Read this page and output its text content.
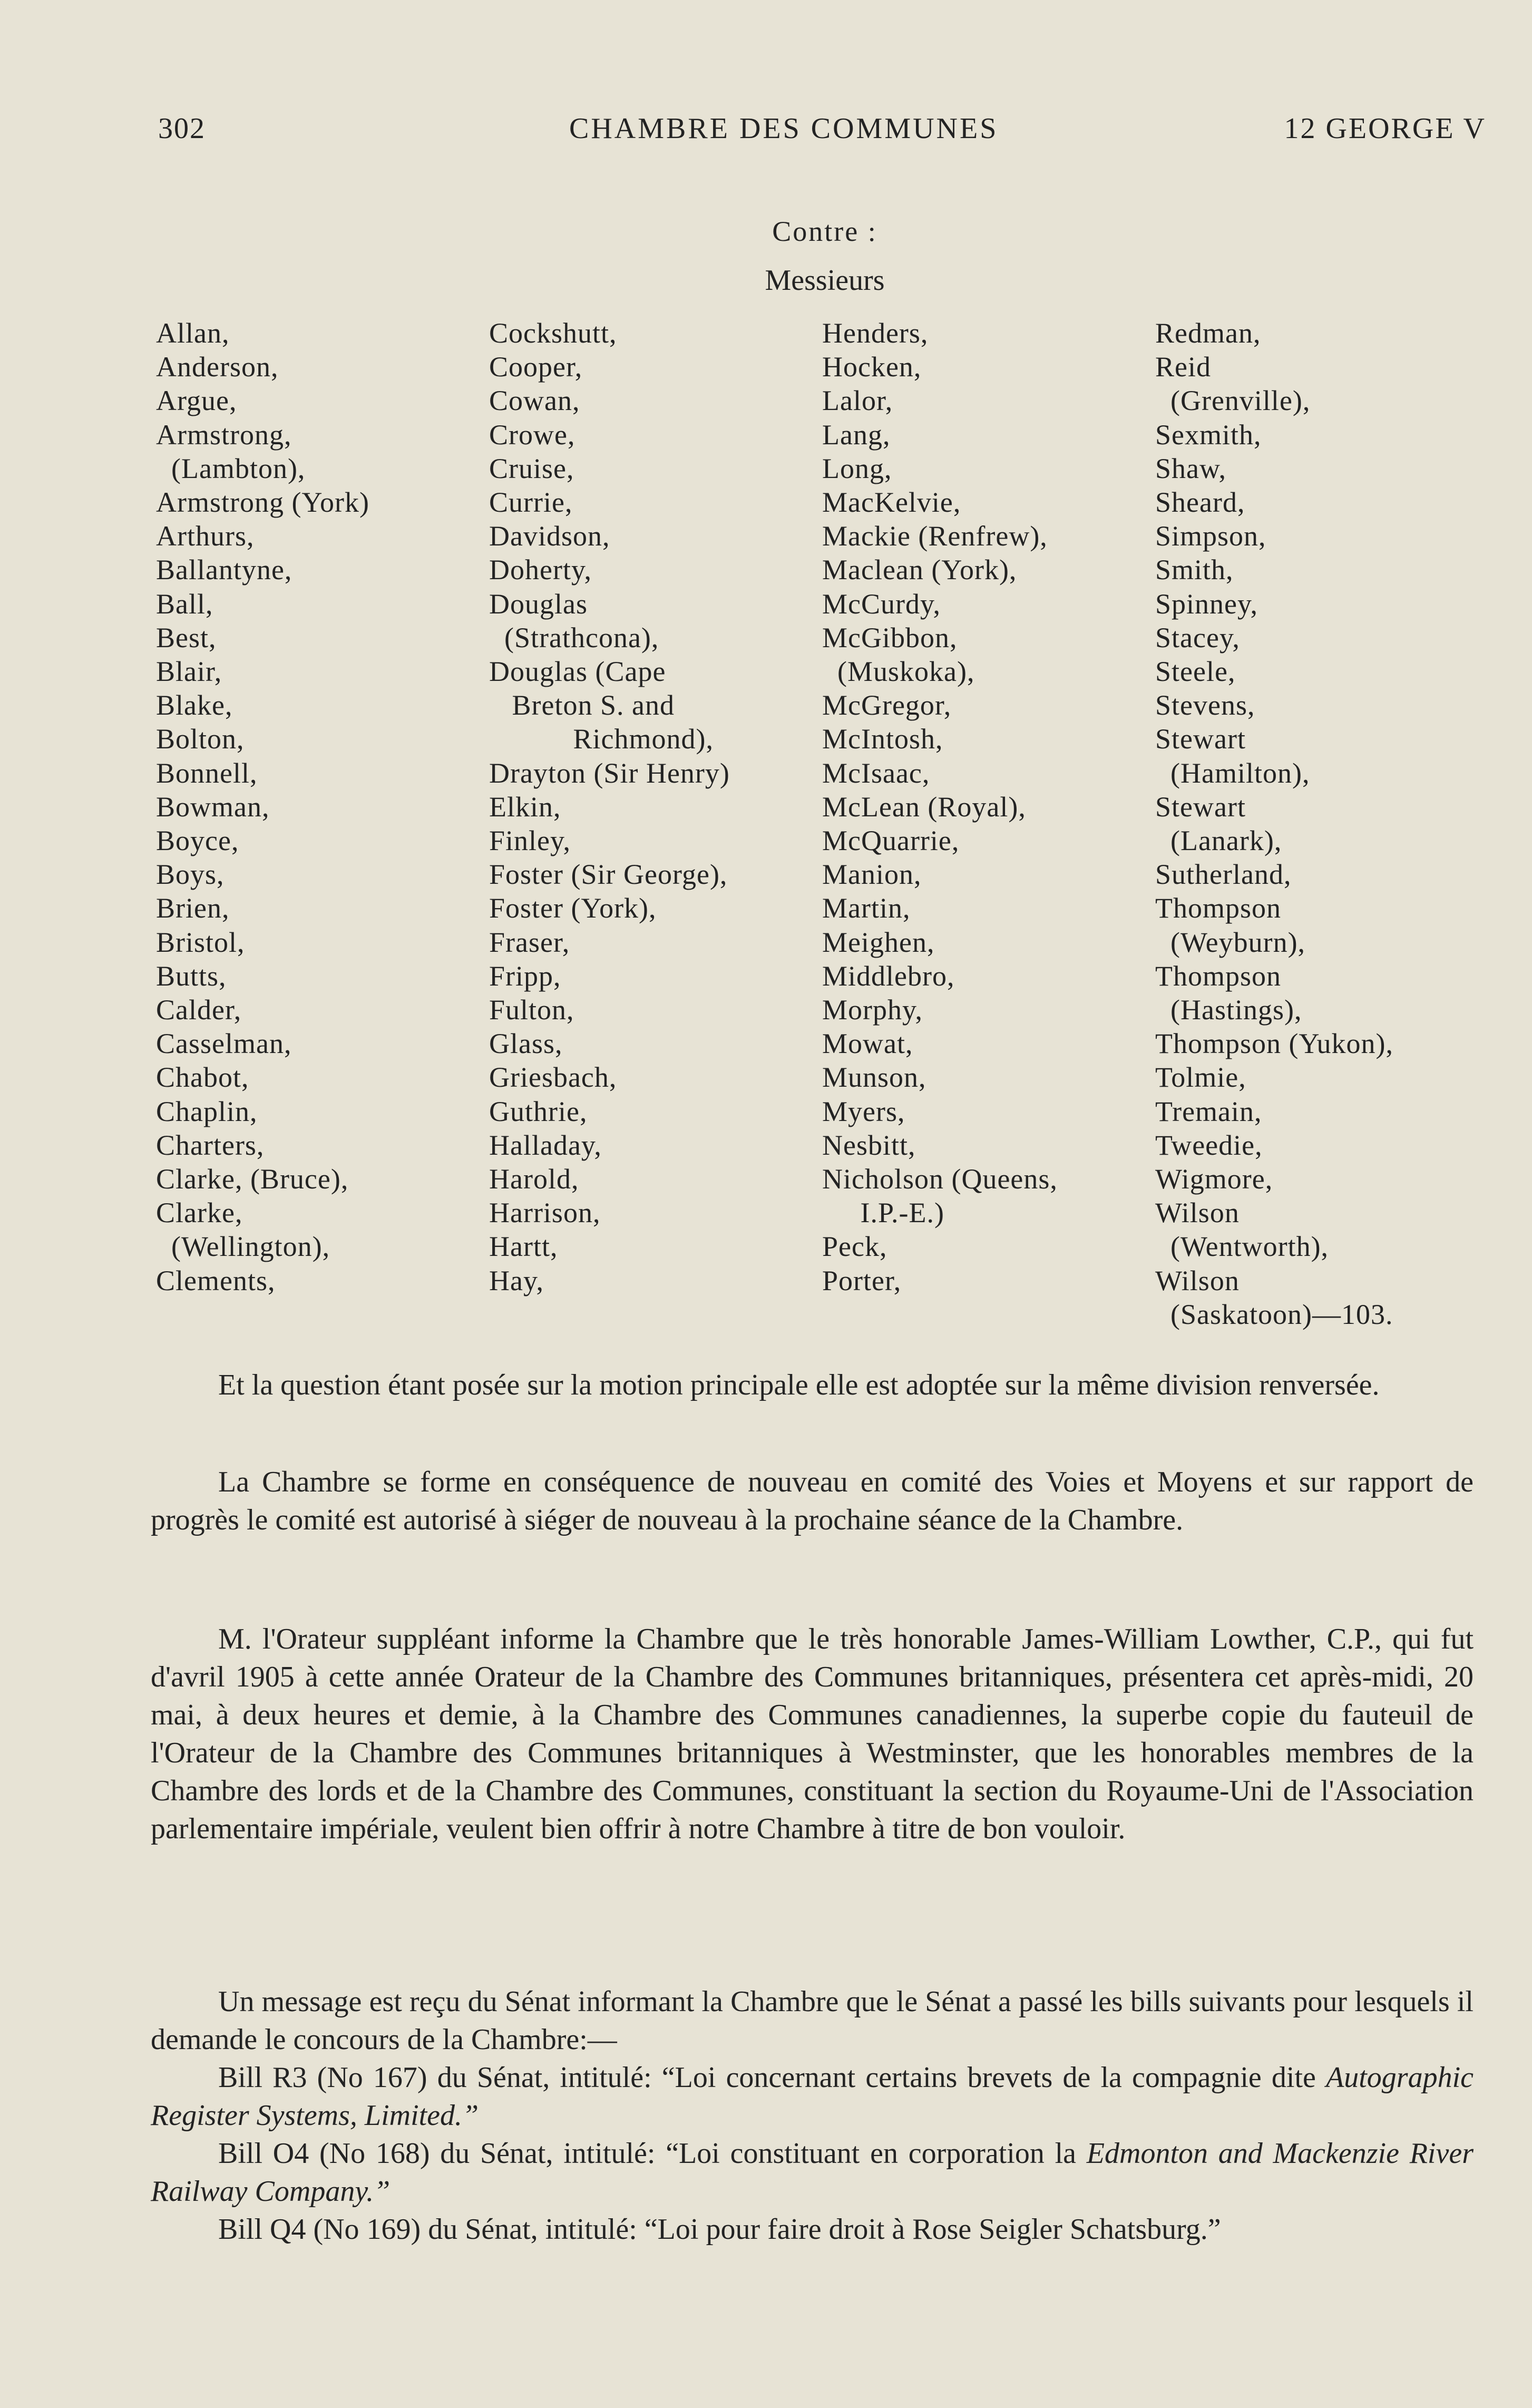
302	CHAMBRE DES COMMUNES	12 GEORGE V
Contre :
Messieurs
Allan,
Anderson,
Argue,
Armstrong,
(Lambton),
Armstrong (York)
Arthurs,
Ballantyne,
Ball,
Best,
Blair,
Blake,
Bolton,
Bonnell,
Bowman,
Boyce,
Boys,
Brien,
Bristol,
Butts,
Calder,
Casselman,
Chabot,
Chaplin,
Charters,
Clarke, (Bruce),
Clarke,
(Wellington),
Clements,
Cockshutt,
Cooper,
Cowan,
Crowe,
Cruise,
Currie,
Davidson,
Doherty,
Douglas
(Strathcona),
Douglas (Cape
Breton S. and
Richmond),
Drayton (Sir Henry)
Elkin,
Finley,
Foster (Sir George),
Foster (York),
Fraser,
Fripp,
Fulton,
Glass,
Griesbach,
Guthrie,
Halladay,
Harold,
Harrison,
Hartt,
Hay,
Henders,
Hocken,
Lalor,
Lang,
Long,
MacKelvie,
Mackie (Renfrew),
Maclean (York),
McCurdy,
McGibbon,
(Muskoka),
McGregor,
McIntosh,
McIsaac,
McLean (Royal),
McQuarrie,
Manion,
Martin,
Meighen,
Middlebro,
Morphy,
Mowat,
Munson,
Myers,
Nesbitt,
Nicholson (Queens,
I.P.-E.)
Peck,
Porter,
Redman,
Reid
(Grenville),
Sexmith,
Shaw,
Sheard,
Simpson,
Smith,
Spinney,
Stacey,
Steele,
Stevens,
Stewart
(Hamilton),
Stewart
(Lanark),
Sutherland,
Thompson
(Weyburn),
Thompson
(Hastings),
Thompson (Yukon),
Tolmie,
Tremain,
Tweedie,
Wigmore,
Wilson
(Wentworth),
Wilson
(Saskatoon)—103.

Et la question étant posée sur la motion principale elle est adoptée sur la même division renversée.

La Chambre se forme en conséquence de nouveau en comité des Voies et Moyens et sur rapport de progrès le comité est autorisé à siéger de nouveau à la prochaine séance de la Chambre.

M. l'Orateur suppléant informe la Chambre que le très honorable James-William Lowther, C.P., qui fut d'avril 1905 à cette année Orateur de la Chambre des Communes britanniques, présentera cet après-midi, 20 mai, à deux heures et demie, à la Chambre des Communes canadiennes, la superbe copie du fauteuil de l'Orateur de la Chambre des Communes britanniques à Westminster, que les honorables membres de la Chambre des lords et de la Chambre des Communes, constituant la section du Royaume-Uni de l'Association parlementaire impériale, veulent bien offrir à notre Chambre à titre de bon vouloir.

Un message est reçu du Sénat informant la Chambre que le Sénat a passé les bills suivants pour lesquels il demande le concours de la Chambre:—

Bill R3 (No 167) du Sénat, intitulé: “Loi concernant certains brevets de la compagnie dite Autographic Register Systems, Limited.”

Bill O4 (No 168) du Sénat, intitulé: “Loi constituant en corporation la Edmonton and Mackenzie River Railway Company.”

Bill Q4 (No 169) du Sénat, intitulé: “Loi pour faire droit à Rose Seigler Schatsburg.”
